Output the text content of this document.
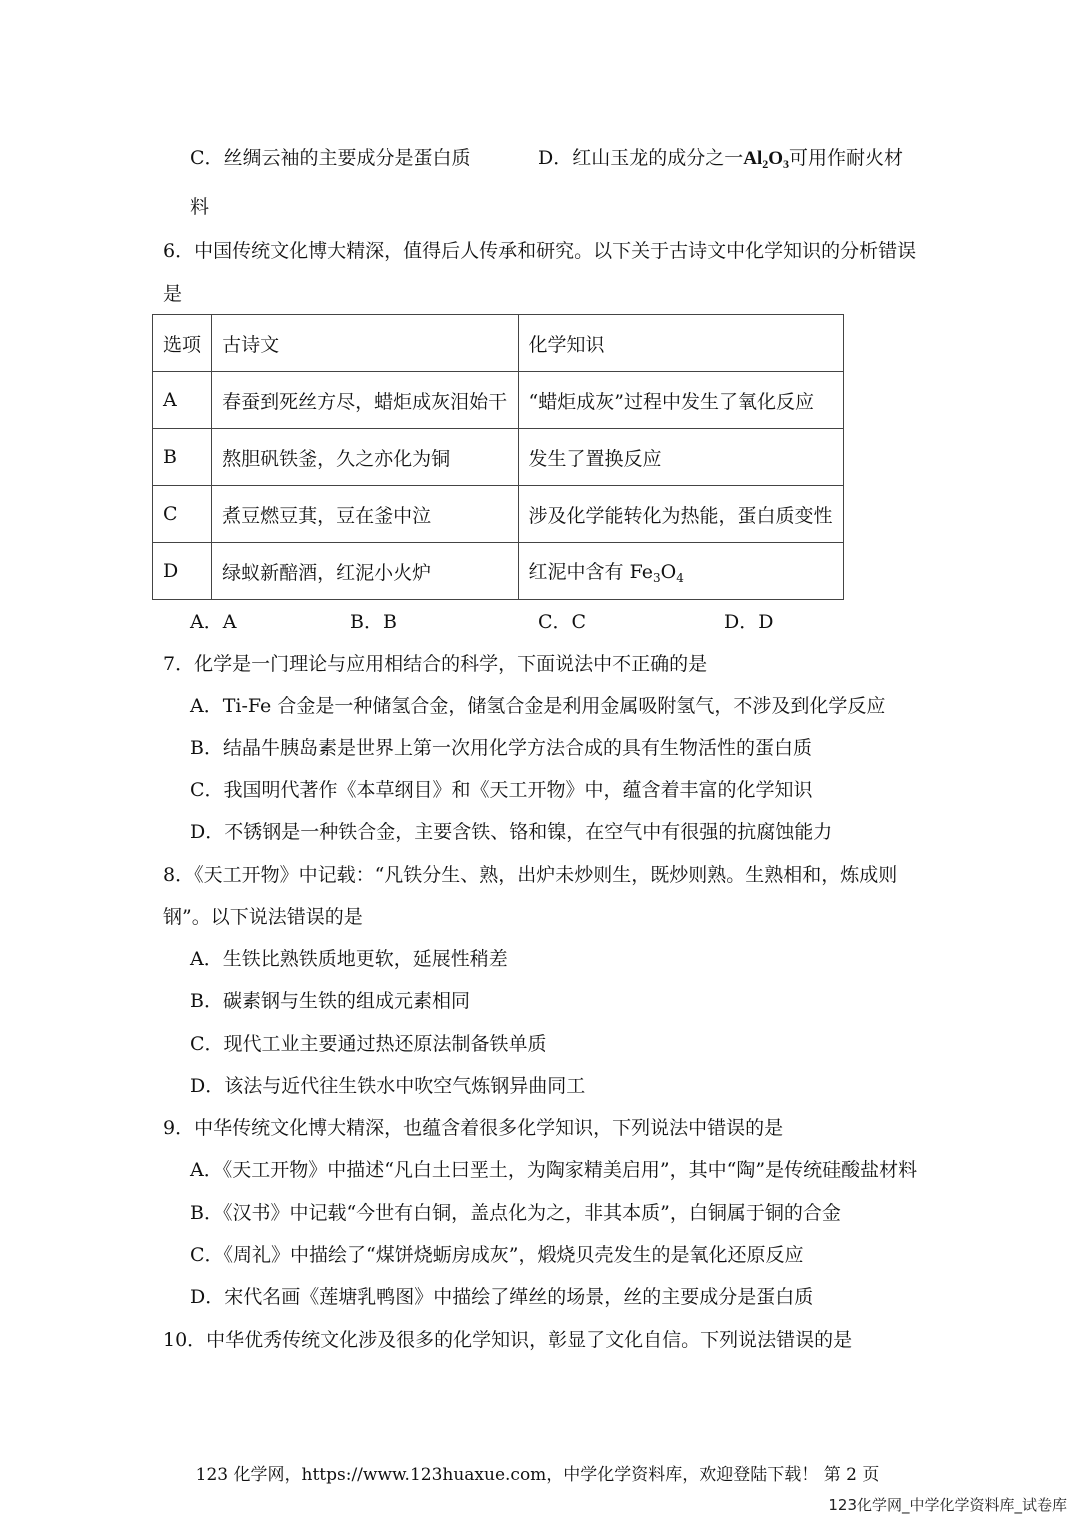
C．丝绸云袖的主要成分是蛋白质	D．红山玉龙的成分之一$Al_2O_3$可用作耐火材
料
6．中国传统文化博大精深，值得后人传承和研究。以下关于古诗文中化学知识的分析错误
是
选项	古诗文	化学知识
A	春蚕到死丝方尽，蜡炬成灰泪始干	“蜡炬成灰”过程中发生了氧化反应
B	熬胆矾铁釜，久之亦化为铜	发生了置换反应
C	煮豆燃豆萁，豆在釜中泣	涉及化学能转化为热能，蛋白质变性
D	绿蚁新醅酒，红泥小火炉	红泥中含有 $Fe_3O_4$
A．A	B．B	C．C	D．D
7．化学是一门理论与应用相结合的科学，下面说法中不正确的是
A．Ti-Fe 合金是一种储氢合金，储氢合金是利用金属吸附氢气，不涉及到化学反应
B．结晶牛胰岛素是世界上第一次用化学方法合成的具有生物活性的蛋白质
C．我国明代著作《本草纲目》和《天工开物》中，蕴含着丰富的化学知识
D．不锈钢是一种铁合金，主要含铁、铬和镍，在空气中有很强的抗腐蚀能力
8．《天工开物》中记载：“凡铁分生、熟，出炉未炒则生，既炒则熟。生熟相和，炼成则
钢”。以下说法错误的是
A．生铁比熟铁质地更软，延展性稍差
B．碳素钢与生铁的组成元素相同
C．现代工业主要通过热还原法制备铁单质
D．该法与近代往生铁水中吹空气炼钢异曲同工
9．中华传统文化博大精深，也蕴含着很多化学知识，下列说法中错误的是
A．《天工开物》中描述“凡白土曰垩土，为陶家精美启用”，其中“陶”是传统硅酸盐材料
B．《汉书》中记载“今世有白铜，盖点化为之，非其本质”，白铜属于铜的合金
C．《周礼》中描绘了“煤饼烧蛎房成灰”，煅烧贝壳发生的是氧化还原反应
D．宋代名画《莲塘乳鸭图》中描绘了缂丝的场景，丝的主要成分是蛋白质
10．中华优秀传统文化涉及很多的化学知识，彰显了文化自信。下列说法错误的是
123 化学网，https://www.123huaxue.com，中学化学资料库，欢迎登陆下载！ 第 2 页
123化学网_中学化学资料库_试卷库
